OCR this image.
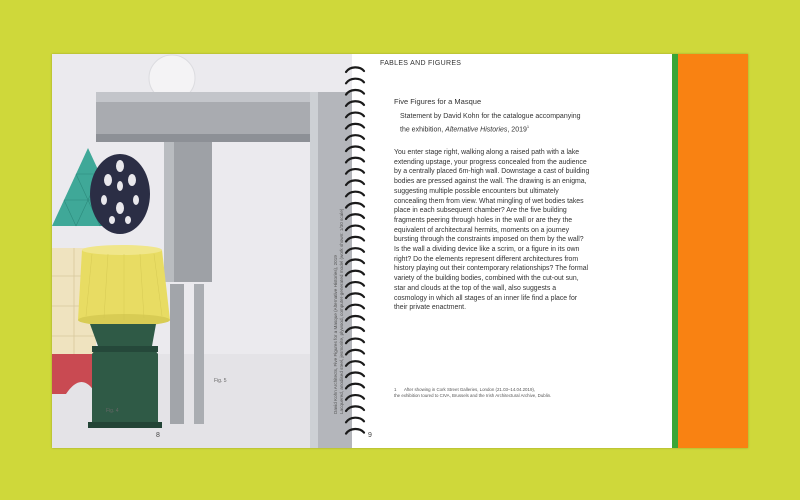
Fig. 4
Fig. 5
8
David Kohn Architects, Five Figures for a Masque (Alternative Histories), 2019 Lacquered, anodised steel, jesmonite, plywood, computer-generated model (work shown: 1/30 scale)
FABLES AND FIGURES
Five Figures for a Masque
Statement by David Kohn for the catalogue accompanying the exhibition, Alternative Histories, 2019$^1$
You enter stage right, walking along a raised path with a lake extending upstage, your progress concealed from the audience by a centrally placed 6m-high wall. Downstage a cast of building bodies are pressed against the wall. The drawing is an enigma, suggesting multiple possible encounters but ultimately concealing them from view. What mingling of wet bodies takes place in each subsequent chamber? Are the five building fragments peering through holes in the wall or are they the equivalent of architectural hermits, moments on a journey bursting through the constraints imposed on them by the wall? Is the wall a dividing device like a scrim, or a figure in its own right? Do the elements represent different architectures from history playing out their contemporary relationships? The formal variety of the building bodies, combined with the cut-out sun, star and clouds at the top of the wall, also suggests a cosmology in which all stages of an inner life find a place for their private enactment.
1 After showing in Cork Street Galleries, London (21.03–14.04.2019),
the exhibition toured to CIVA, Brussels and the Irish Architectural Archive, Dublin.
9
